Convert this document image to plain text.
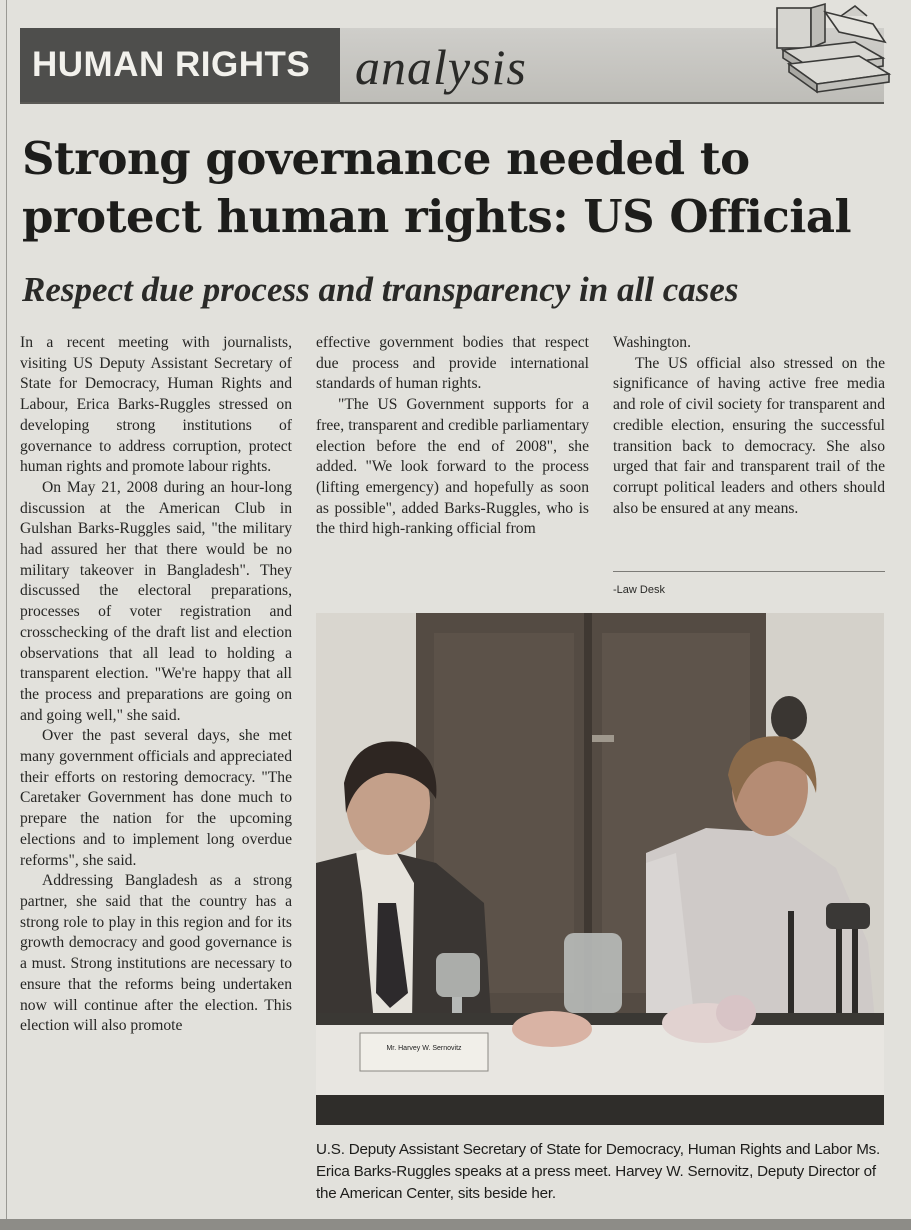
HUMAN RIGHTS analysis
Strong governance needed to protect human rights: US Official
Respect due process and transparency in all cases

In a recent meeting with journalists, visiting US Deputy Assistant Secretary of State for Democracy, Human Rights and Labour, Erica Barks-Ruggles stressed on developing strong institutions of governance to address corruption, protect human rights and promote labour rights.

On May 21, 2008 during an hour-long discussion at the American Club in Gulshan Barks-Ruggles said, "the military had assured her that there would be no military takeover in Bangladesh". They discussed the electoral preparations, processes of voter registration and crosschecking of the draft list and election observations that all lead to holding a transparent election. "We're happy that all the process and preparations are going on and going well," she said.

Over the past several days, she met many government officials and appreciated their efforts on restoring democracy. "The Caretaker Government has done much to prepare the nation for the upcoming elections and to implement long overdue reforms", she said.

Addressing Bangladesh as a strong partner, she said that the country has a strong role to play in this region and for its growth democracy and good governance is a must. Strong institutions are necessary to ensure that the reforms being undertaken now will continue after the election. This election will also promote

effective government bodies that respect due process and provide international standards of human rights.

"The US Government supports for a free, transparent and credible parliamentary election before the end of 2008", she added. "We look forward to the process (lifting emergency) and hopefully as soon as possible", added Barks-Ruggles, who is the third high-ranking official from

Washington.

The US official also stressed on the significance of having active free media and role of civil society for transparent and credible election, ensuring the successful transition back to democracy. She also urged that fair and transparent trail of the corrupt political leaders and others should also be ensured at any means.

-Law Desk
Mr. Harvey W. Sernovitz

U.S. Deputy Assistant Secretary of State for Democracy, Human Rights and Labor Ms. Erica Barks-Ruggles speaks at a press meet. Harvey W. Sernovitz, Deputy Director of the American Center, sits beside her.
